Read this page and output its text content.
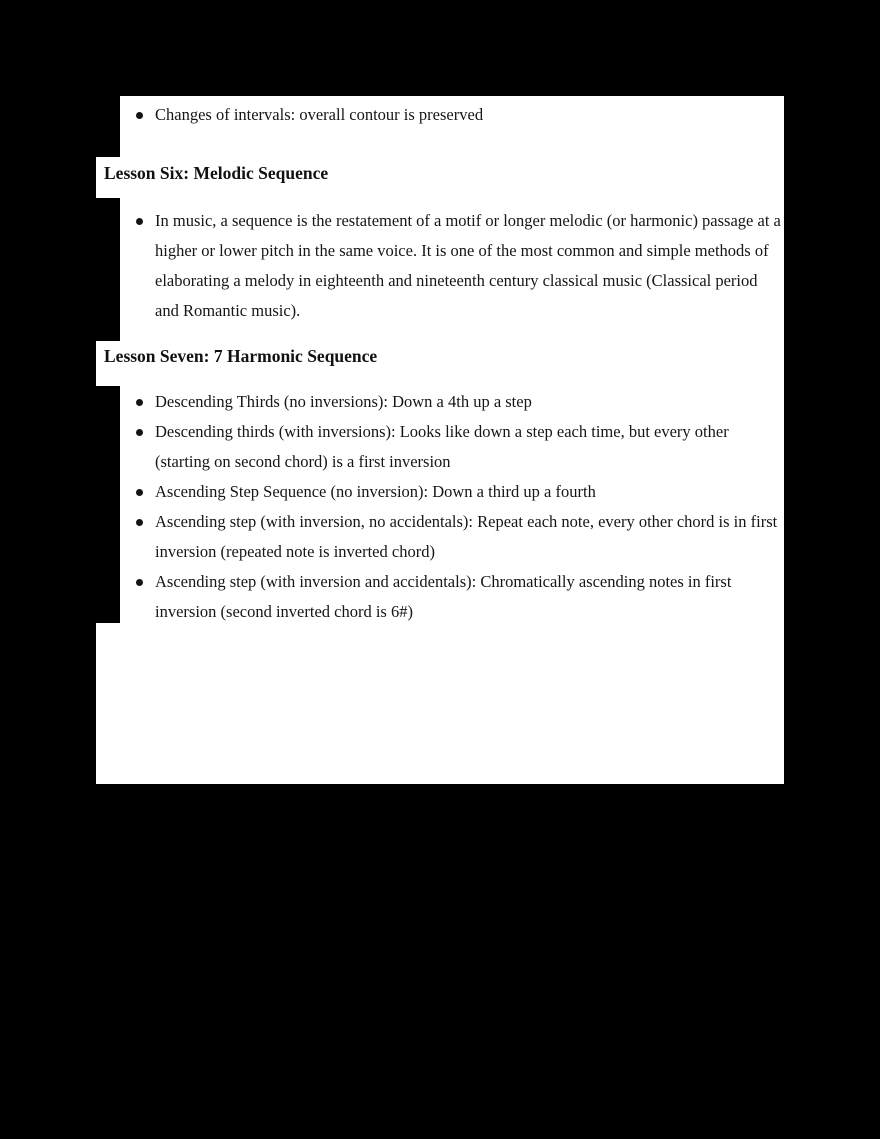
Changes of intervals: overall contour is preserved
Lesson Six: Melodic Sequence
In music, a sequence is the restatement of a motif or longer melodic (or harmonic) passage at a higher or lower pitch in the same voice. It is one of the most common and simple methods of elaborating a melody in eighteenth and nineteenth century classical music (Classical period and Romantic music).
Lesson Seven: 7 Harmonic Sequence
Descending Thirds (no inversions): Down a 4th up a step
Descending thirds (with inversions): Looks like down a step each time, but every other (starting on second chord) is a first inversion
Ascending Step Sequence (no inversion): Down a third up a fourth
Ascending step (with inversion, no accidentals): Repeat each note, every other chord is in first inversion (repeated note is inverted chord)
Ascending step (with inversion and accidentals): Chromatically ascending notes in first inversion (second inverted chord is 6#)
